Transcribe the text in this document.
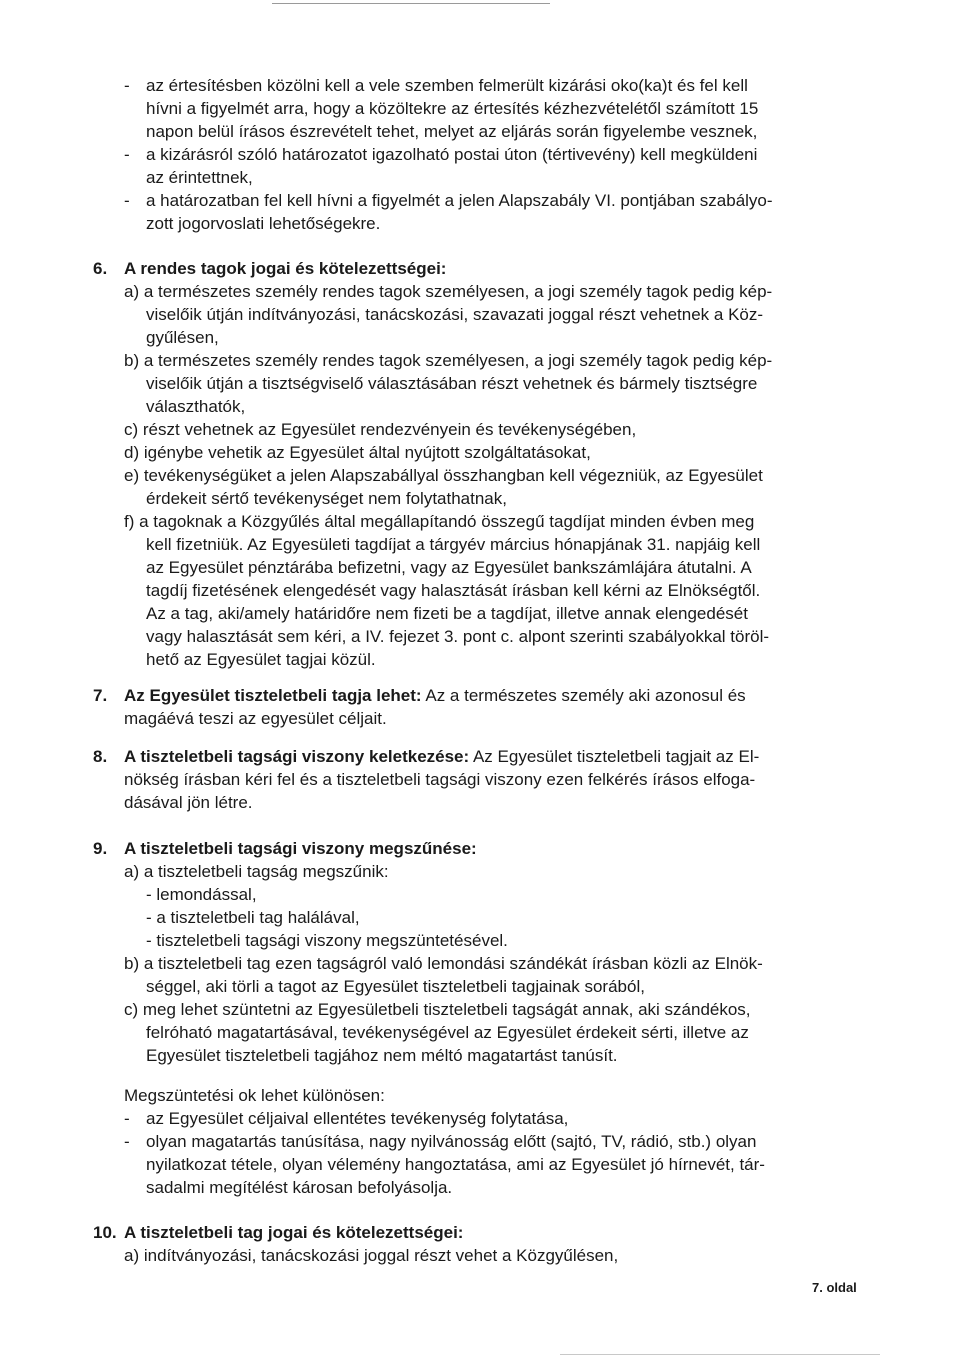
- az értesítésben közölni kell a vele szemben felmerült kizárási oko(ka)t és fel kell
hívni a figyelmét arra, hogy a közöltekre az értesítés kézhezvételétől számított 15
napon belül írásos észrevételt tehet, melyet az eljárás során figyelembe vesznek,
- a kizárásról szóló határozatot igazolható postai úton (tértivevény) kell megküldeni
az érintettnek,
- a határozatban fel kell hívni a figyelmét a jelen Alapszabály VI. pontjában szabályo-
zott jogorvoslati lehetőségekre.
6. A rendes tagok jogai és kötelezettségei:
a) a természetes személy rendes tagok személyesen, a jogi személy tagok pedig kép-
viselőik útján indítványozási, tanácskozási, szavazati joggal részt vehetnek a Köz-
gyűlésen,
b) a természetes személy rendes tagok személyesen, a jogi személy tagok pedig kép-
viselőik útján a tisztségviselő választásában részt vehetnek és bármely tisztségre
választhatók,
c) részt vehetnek az Egyesület rendezvényein és tevékenységében,
d) igénybe vehetik az Egyesület által nyújtott szolgáltatásokat,
e) tevékenységüket a jelen Alapszabállyal összhangban kell végezniük, az Egyesület
érdekeit sértő tevékenységet nem folytathatnak,
f) a tagoknak a Közgyűlés által megállapítandó összegű tagdíjat minden évben meg
kell fizetniük. Az Egyesületi tagdíjat a tárgyév március hónapjának 31. napjáig kell
az Egyesület pénztárába befizetni, vagy az Egyesület bankszámlájára átutalni. A
tagdíj fizetésének elengedését vagy halasztását írásban kell kérni az Elnökségtől.
Az a tag, aki/amely határidőre nem fizeti be a tagdíjat, illetve annak elengedését
vagy halasztását sem kéri, a IV. fejezet 3. pont c. alpont szerinti szabályokkal töröl-
hető az Egyesület tagjai közül.
7. Az Egyesület tiszteletbeli tagja lehet: Az a természetes személy aki azonosul és
magáévá teszi az egyesület céljait.
8. A tiszteletbeli tagsági viszony keletkezése: Az Egyesület tiszteletbeli tagjait az El-
nökség írásban kéri fel és a tiszteletbeli tagsági viszony ezen felkérés írásos elfoga-
dásával jön létre.
9. A tiszteletbeli tagsági viszony megszűnése:
a) a tiszteletbeli tagság megszűnik:
- lemondással,
- a tiszteletbeli tag halálával,
- tiszteletbeli tagsági viszony megszüntetésével.
b) a tiszteletbeli tag ezen tagságról való lemondási szándékát írásban közli az Elnök-
séggel, aki törli a tagot az Egyesület tiszteletbeli tagjainak sorából,
c) meg lehet szüntetni az Egyesületbeli tiszteletbeli tagságát annak, aki szándékos,
felróható magatartásával, tevékenységével az Egyesület érdekeit sérti, illetve az
Egyesület tiszteletbeli tagjához nem méltó magatartást tanúsít.
Megszüntetési ok lehet különösen:
- az Egyesület céljaival ellentétes tevékenység folytatása,
- olyan magatartás tanúsítása, nagy nyilvánosság előtt (sajtó, TV, rádió, stb.) olyan
nyilatkozat tétele, olyan vélemény hangoztatása, ami az Egyesület jó hírnevét, tár-
sadalmi megítélést károsan befolyásolja.
10. A tiszteletbeli tag jogai és kötelezettségei:
a) indítványozási, tanácskozási joggal részt vehet a Közgyűlésen,
7. oldal
